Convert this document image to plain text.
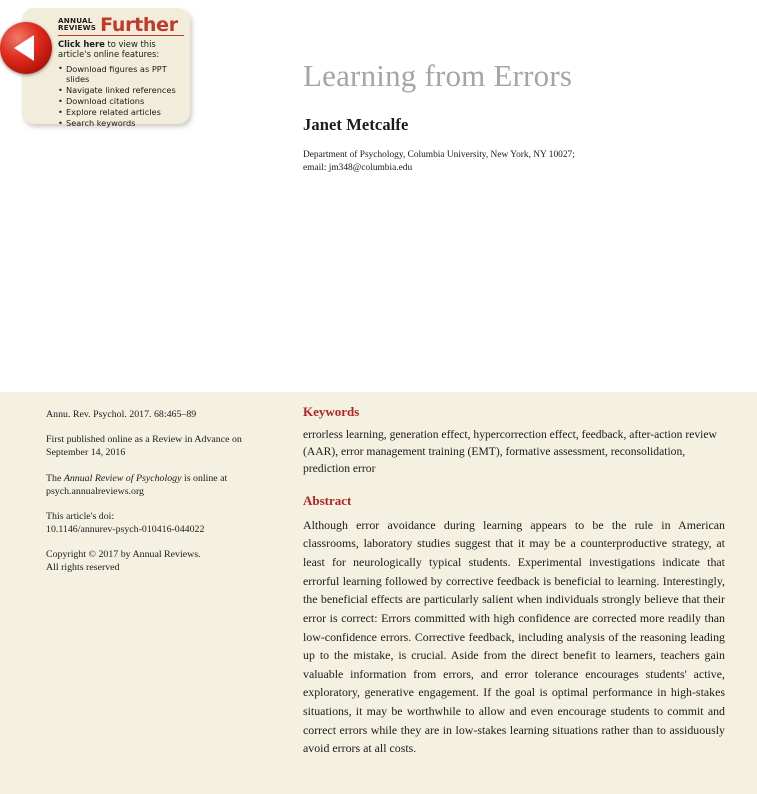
ANNUAL
REVIEWS Further
Click here to view this article's online features:
• Download figures as PPT slides
• Navigate linked references
• Download citations
• Explore related articles
• Search keywords
Learning from Errors
Janet Metcalfe
Department of Psychology, Columbia University, New York, NY 10027;
email: jm348@columbia.edu

Annu. Rev. Psychol. 2017. 68:465–89

First published online as a Review in Advance on September 14, 2016

The Annual Review of Psychology is online at psych.annualreviews.org

This article's doi:
10.1146/annurev-psych-010416-044022

Copyright © 2017 by Annual Reviews.
All rights reserved

Keywords

errorless learning, generation effect, hypercorrection effect, feedback, after-action review (AAR), error management training (EMT), formative assessment, reconsolidation, prediction error

Abstract

Although error avoidance during learning appears to be the rule in American classrooms, laboratory studies suggest that it may be a counterproductive strategy, at least for neurologically typical students. Experimental investigations indicate that errorful learning followed by corrective feedback is beneficial to learning. Interestingly, the beneficial effects are particularly salient when individuals strongly believe that their error is correct: Errors committed with high confidence are corrected more readily than low-confidence errors. Corrective feedback, including analysis of the reasoning leading up to the mistake, is crucial. Aside from the direct benefit to learners, teachers gain valuable information from errors, and error tolerance encourages students' active, exploratory, generative engagement. If the goal is optimal performance in high-stakes situations, it may be worthwhile to allow and even encourage students to commit and correct errors while they are in low-stakes learning situations rather than to assiduously avoid errors at all costs.
